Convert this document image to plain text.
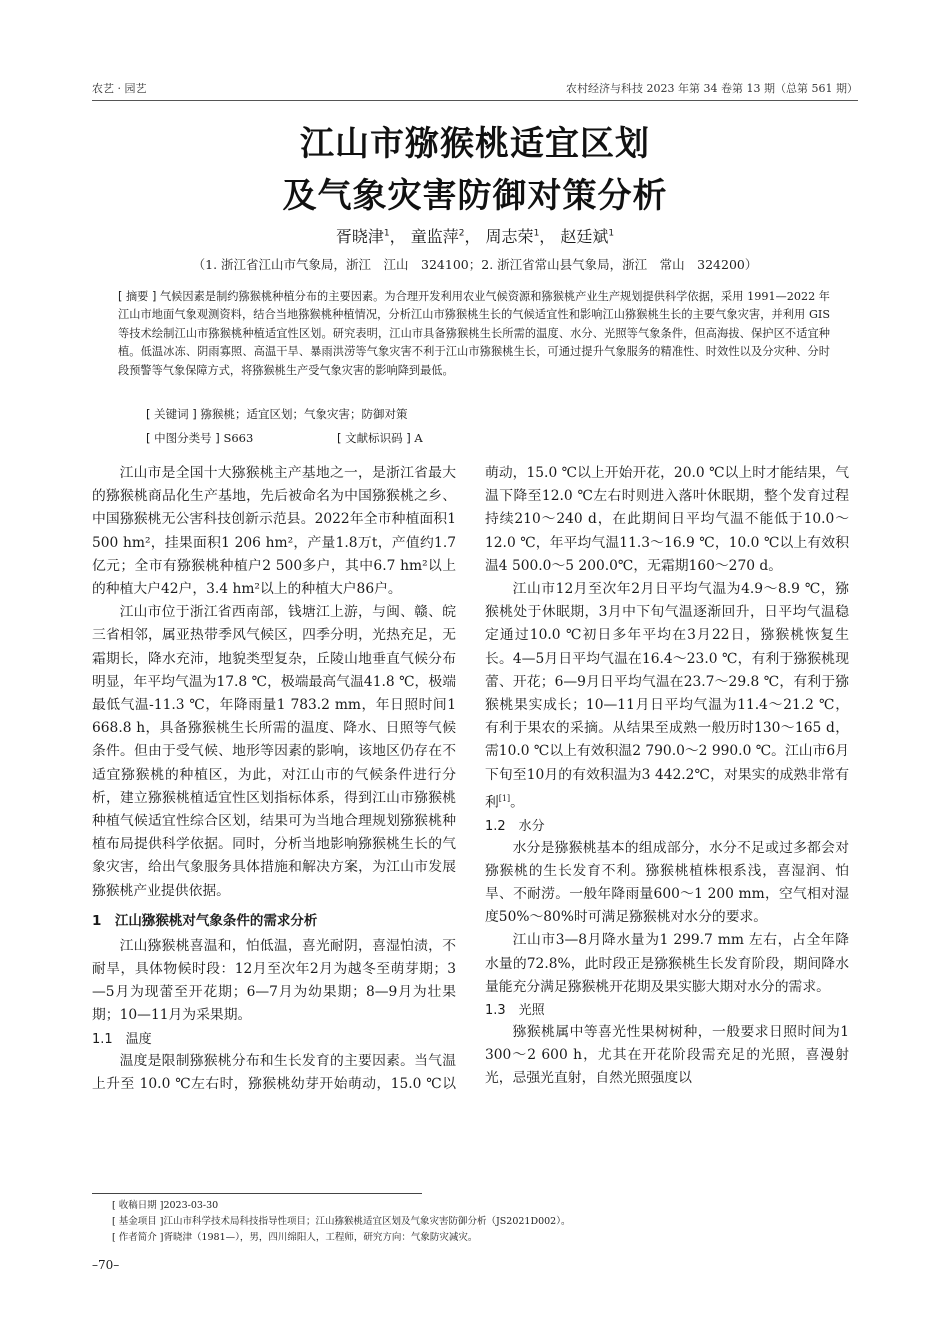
农艺 · 园艺	农村经济与科技 2023 年第 34 卷第 13 期（总第 561 期）
江山市猕猴桃适宜区划
及气象灾害防御对策分析
胥晓津$^1$， 童监萍$^2$， 周志荣$^1$， 赵廷斌$^1$
（1. 浙江省江山市气象局，浙江　江山　324100；2. 浙江省常山县气象局，浙江　常山　324200）
[ 摘要 ] 气候因素是制约猕猴桃种植分布的主要因素。为合理开发利用农业气候资源和猕猴桃产业生产规划提供科学依据，采用 1991—2022 年江山市地面气象观测资料，结合当地猕猴桃种植情况，分析江山市猕猴桃生长的气候适宜性和影响江山猕猴桃生长的主要气象灾害，并利用 GIS 等技术绘制江山市猕猴桃种植适宜性区划。研究表明，江山市具备猕猴桃生长所需的温度、水分、光照等气象条件，但高海拔、保护区不适宜种植。低温冰冻、阴雨寡照、高温干旱、暴雨洪涝等气象灾害不利于江山市猕猴桃生长，可通过提升气象服务的精准性、时效性以及分灾种、分时段预警等气象保障方式，将猕猴桃生产受气象灾害的影响降到最低。
[ 关键词 ] 猕猴桃；适宜区划；气象灾害；防御对策
[ 中图分类号 ] S663	[ 文献标识码 ] A

江山市是全国十大猕猴桃主产基地之一，是浙江省最大的猕猴桃商品化生产基地，先后被命名为中国猕猴桃之乡、中国猕猴桃无公害科技创新示范县。2022年全市种植面积1 500 hm²，挂果面积1 206 hm²，产量1.8万t，产值约1.7亿元；全市有猕猴桃种植户2 500多户，其中6.7 hm²以上的种植大户42户，3.4 hm²以上的种植大户86户。

江山市位于浙江省西南部，钱塘江上游，与闽、赣、皖三省相邻，属亚热带季风气候区，四季分明，光热充足，无霜期长，降水充沛，地貌类型复杂，丘陵山地垂直气候分布明显，年平均气温为17.8 ℃，极端最高气温41.8 ℃，极端最低气温-11.3 ℃，年降雨量1 783.2 mm，年日照时间1 668.8 h，具备猕猴桃生长所需的温度、降水、日照等气候条件。但由于受气候、地形等因素的影响，该地区仍存在不适宜猕猴桃的种植区，为此，对江山市的气候条件进行分析，建立猕猴桃植适宜性区划指标体系，得到江山市猕猴桃种植气候适宜性综合区划，结果可为当地合理规划猕猴桃种植布局提供科学依据。同时，分析当地影响猕猴桃生长的气象灾害，给出气象服务具体措施和解决方案，为江山市发展猕猴桃产业提供依据。

1　江山猕猴桃对气象条件的需求分析

江山猕猴桃喜温和，怕低温，喜光耐阴，喜湿怕渍，不耐旱，具体物候时段：12月至次年2月为越冬至萌芽期；3—5月为现蕾至开花期；6—7月为幼果期；8—9月为壮果期；10—11月为采果期。

1.1　温度

温度是限制猕猴桃分布和生长发育的主要因素。当气温上升至 10.0 ℃左右时，猕猴桃幼芽开始萌动，15.0 ℃以

萌动，15.0 ℃以上开始开花，20.0 ℃以上时才能结果，气温下降至12.0 ℃左右时则进入落叶休眠期，整个发育过程持续210～240 d，在此期间日平均气温不能低于10.0～12.0 ℃，年平均气温11.3～16.9 ℃，10.0 ℃以上有效积温4 500.0～5 200.0℃，无霜期160～270 d。

江山市12月至次年2月日平均气温为4.9～8.9 ℃，猕猴桃处于休眠期，3月中下旬气温逐渐回升，日平均气温稳定通过10.0 ℃初日多年平均在3月22日，猕猴桃恢复生长。4—5月日平均气温在16.4～23.0 ℃，有利于猕猴桃现蕾、开花；6—9月日平均气温在23.7～29.8 ℃，有利于猕猴桃果实成长；10—11月日平均气温为11.4～21.2 ℃，有利于果农的采摘。从结果至成熟一般历时130～165 d，需10.0 ℃以上有效积温2 790.0～2 990.0 ℃。江山市6月下旬至10月的有效积温为3 442.2℃，对果实的成熟非常有利[1]。

1.2　水分

水分是猕猴桃基本的组成部分，水分不足或过多都会对猕猴桃的生长发育不利。猕猴桃植株根系浅，喜湿润、怕旱、不耐涝。一般年降雨量600～1 200 mm，空气相对湿度50%～80%时可满足猕猴桃对水分的要求。

江山市3—8月降水量为1 299.7 mm 左右，占全年降水量的72.8%，此时段正是猕猴桃生长发育阶段，期间降水量能充分满足猕猴桃开花期及果实膨大期对水分的需求。

1.3　光照

猕猴桃属中等喜光性果树树种，一般要求日照时间为1 300～2 600 h，尤其在开花阶段需充足的光照，喜漫射光，忌强光直射，自然光照强度以

[ 收稿日期 ]2023-03-30
[ 基金项目 ]江山市科学技术局科技指导性项目；江山猕猴桃适宜区划及气象灾害防御分析（JS2021D002）。
[ 作者简介 ]胥晓津（1981—），男，四川绵阳人，工程师，研究方向：气象防灾减灾。
–70–
